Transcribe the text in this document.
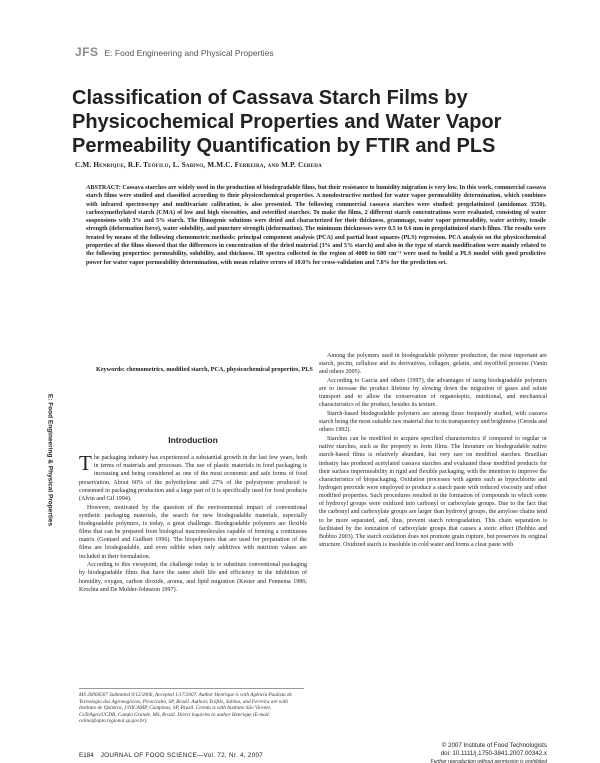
JFS E: Food Engineering and Physical Properties
Classification of Cassava Starch Films by Physicochemical Properties and Water Vapor Permeability Quantification by FTIR and PLS
C.M. Henrique, R.F. Teófilo, L. Sabino, M.M.C. Ferreira, and M.P. Cereda
ABSTRACT: Cassava starches are widely used in the production of biodegradable films, but their resistance to humidity migration is very low. In this work, commercial cassava starch films were studied and classified according to their physicochemical properties. A nondestructive method for water vapor permeability determination, which combines with infrared spectroscopy and multivariate calibration, is also presented. The following commercial cassava starches were studied: pregelatinized (amidomax 3550), carboxymethylated starch (CMA) of low and high viscosities, and esterified starches. To make the films, 2 different starch concentrations were evaluated, consisting of water suspensions with 3% and 5% starch. The filmogenic solutions were dried and characterized for their thickness, grammage, water vapor permeability, water activity, tensile strength (deformation force), water solubility, and puncture strength (deformation). The minimum thicknesses were 0.5 to 0.6 mm in pregelatinized starch films. The results were treated by means of the following chemometric methods: principal component analysis (PCA) and partial least squares (PLS) regression. PCA analysis on the physicochemical properties of the films showed that the differences in concentration of the dried material (3% and 5% starch) and also in the type of starch modification were mainly related to the following properties: permeability, solubility, and thickness. IR spectra collected in the region of 4000 to 600 cm⁻¹ were used to build a PLS model with good predictive power for water vapor permeability determination, with mean relative errors of 10.0% for cross-validation and 7.8% for the prediction set.
Keywords: chemometrics, modified starch, PCA, physicochemical properties, PLS
E: Food Engineering & Physical Properties	Introduction

The packaging industry has experienced a substantial growth in the last few years, both in terms of materials and processes. The use of plastic materials in food packaging is increasing and being considered as one of the most economic and safe forms of food preservation. About 60% of the polyethylene and 27% of the polystyrene produced is consumed in packaging production and a large part of it is specifically used for food products (Alvin and Gil 1994).

However, motivated by the question of the environmental impact of conventional synthetic packaging materials, the search for new biodegradable materials, especially biodegradable polymers, is today, a great challenge. Biodegradable polymers are flexible films that can be prepared from biological macromolecules capable of forming a continuous matrix (Gontard and Guilbert 1996). The biopolymers that are used for preparation of the films are biodegradable, and even edible when only additives with nutrition values are included in their formulation.

According to this viewpoint, the challenge today is to substitute conventional packaging by biodegradable films that have the same shelf life and efficiency in the inhibition of humidity, oxygen, carbon dioxide, aroma, and lipid migration (Kester and Fennema 1986; Krochta and De Mulder-Johnston 1997).

Among the polymers used in biodegradable polymer production, the most important are starch, pectin, cellulose and its derivatives, collagen, gelatin, and myofibril proteins (Vanin and others 2005).

According to Garcia and others (1997), the advantages of using biodegradable polymers are to increase the product lifetime by slowing down the migration of gases and solute transport and to allow the conservation of organoleptic, nutritional, and mechanical characteristics of the product, besides its texture.

Starch-based biodegradable polymers are among those frequently studied, with cassava starch being the most suitable raw material due to its transparency and brightness (Cereda and others 1992).

Starches can be modified to acquire specified characteristics if compared to regular or native starches, such as the property to form films. The literature on biodegradable native starch-based films is relatively abundant, but very rare on modified starches. Brazilian industry has produced acetylated cassava starches and evaluated these modified products for their surface impermeability in rigid and flexible packaging, with the intention to improve the characteristics of biopackaging. Oxidation processes with agents such as hypochlorite and hydrogen peroxide were employed to produce a starch paste with reduced viscosity and other modified properties. Such procedures resulted in the formation of compounds in which some of hydroxyl groups were oxidized into carbonyl or carboxylate groups. Due to the fact that the carbonyl and carboxylate groups are larger than hydroxyl groups, the amylose chains tend to be more separated, and, thus, prevent starch retrogradation. This chain separation is facilitated by the ionization of carboxylate groups that causes a steric effect (Bobbio and Bobbio 2003). The starch oxidation does not promote grain rupture, but preserves its original structure. Oxidized starch is insoluble in cold water and forms a clear paste with

MS 20060507 Submitted 9/12/2006, Accepted 1/17/2007. Author Henrique is with Agência Paulista de Tecnologia dos Agronegócios, Piracicaba, SP, Brazil. Authors Teófilo, Sabino, and Ferreira are with Instituto de Química, UNICAMP, Campinas, SP, Brazil. Cereda is with Instituto São Vicente, CeTeAgro/UCDB, Campo Grande, MS, Brazil. Direct inquiries to author Henrique (E-mail: celina@apta.regional.sp.gov.br).
E184 JOURNAL OF FOOD SCIENCE—Vol. 72, Nr. 4, 2007
© 2007 Institute of Food Technologists
doi: 10.1111/j.1750-3841.2007.00342.x
Further reproduction without permission is prohibited
